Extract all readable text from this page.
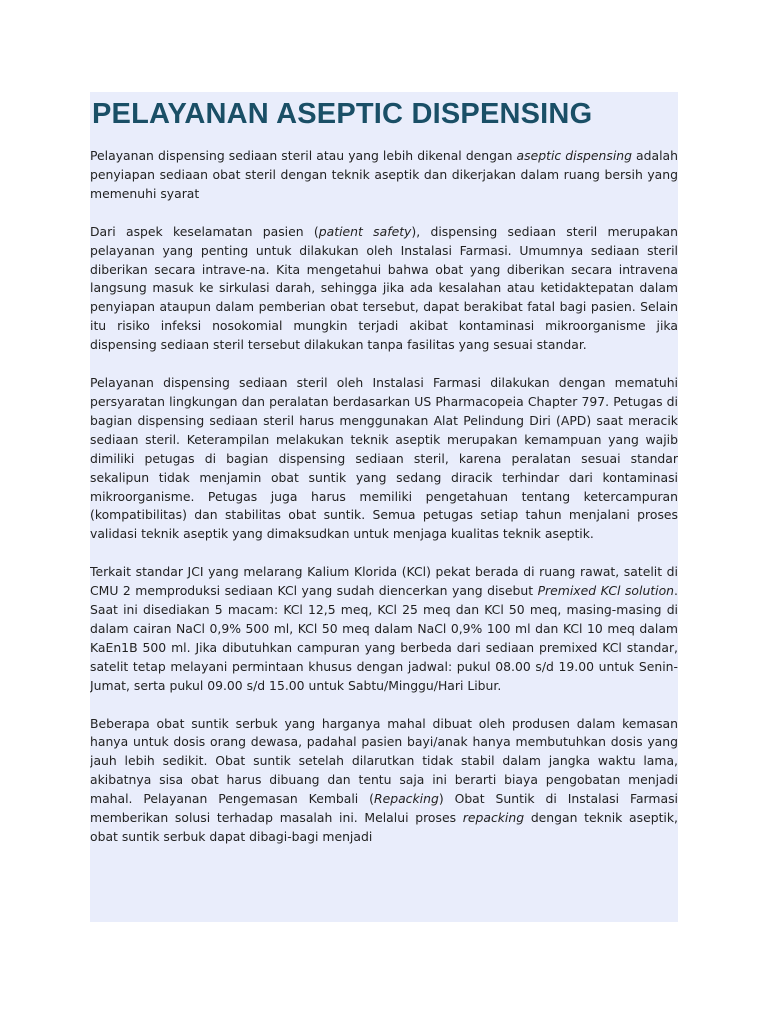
PELAYANAN ASEPTIC DISPENSING

Pelayanan dispensing sediaan steril atau yang lebih dikenal dengan aseptic dispensing adalah penyiapan sediaan obat steril dengan teknik aseptik dan dikerjakan dalam ruang bersih yang memenuhi syarat

Dari aspek keselamatan pasien (patient safety), dispensing sediaan steril merupakan pelayanan yang penting untuk dilakukan oleh Instalasi Farmasi. Umumnya sediaan steril diberikan secara intrave-na. Kita mengetahui bahwa obat yang diberikan secara intravena langsung masuk ke sirkulasi darah, sehingga jika ada kesalahan atau ketidaktepatan dalam penyiapan ataupun dalam pemberian obat tersebut, dapat berakibat fatal bagi pasien. Selain itu risiko infeksi nosokomial mungkin terjadi akibat kontaminasi mikroorganisme jika dispensing sediaan steril tersebut dilakukan tanpa fasilitas yang sesuai standar.

Pelayanan dispensing sediaan steril oleh Instalasi Farmasi dilakukan dengan mematuhi persyaratan lingkungan dan peralatan berdasarkan US Pharmacopeia Chapter 797. Petugas di bagian dispensing sediaan steril harus menggunakan Alat Pelindung Diri (APD) saat meracik sediaan steril. Keterampilan melakukan teknik aseptik merupakan kemampuan yang wajib dimiliki petugas di bagian dispensing sediaan steril, karena peralatan sesuai standar sekalipun tidak menjamin obat suntik yang sedang diracik terhindar dari kontaminasi mikroorganisme. Petugas juga harus memiliki pengetahuan tentang ketercampuran (kompatibilitas) dan stabilitas obat suntik. Semua petugas setiap tahun menjalani proses validasi teknik aseptik yang dimaksudkan untuk menjaga kualitas teknik aseptik.

Terkait standar JCI yang melarang Kalium Klorida (KCl) pekat berada di ruang rawat, satelit di CMU 2 memproduksi sediaan KCl yang sudah diencerkan yang disebut Premixed KCl solution. Saat ini disediakan 5 macam: KCl 12,5 meq, KCl 25 meq dan KCl 50 meq, masing-masing di dalam cairan NaCl 0,9% 500 ml, KCl 50 meq dalam NaCl 0,9% 100 ml dan KCl 10 meq dalam KaEn1B 500 ml. Jika dibutuhkan campuran yang berbeda dari sediaan premixed KCl standar, satelit tetap melayani permintaan khusus dengan jadwal: pukul 08.00 s/d 19.00 untuk Senin-Jumat, serta pukul 09.00 s/d 15.00 untuk Sabtu/Minggu/Hari Libur.

Beberapa obat suntik serbuk yang harganya mahal dibuat oleh produsen dalam kemasan hanya untuk dosis orang dewasa, padahal pasien bayi/anak hanya membutuhkan dosis yang jauh lebih sedikit. Obat suntik setelah dilarutkan tidak stabil dalam jangka waktu lama, akibatnya sisa obat harus dibuang dan tentu saja ini berarti biaya pengobatan menjadi mahal. Pelayanan Pengemasan Kembali (Repacking) Obat Suntik di Instalasi Farmasi memberikan solusi terhadap masalah ini. Melalui proses repacking dengan teknik aseptik, obat suntik serbuk dapat dibagi-bagi menjadi
